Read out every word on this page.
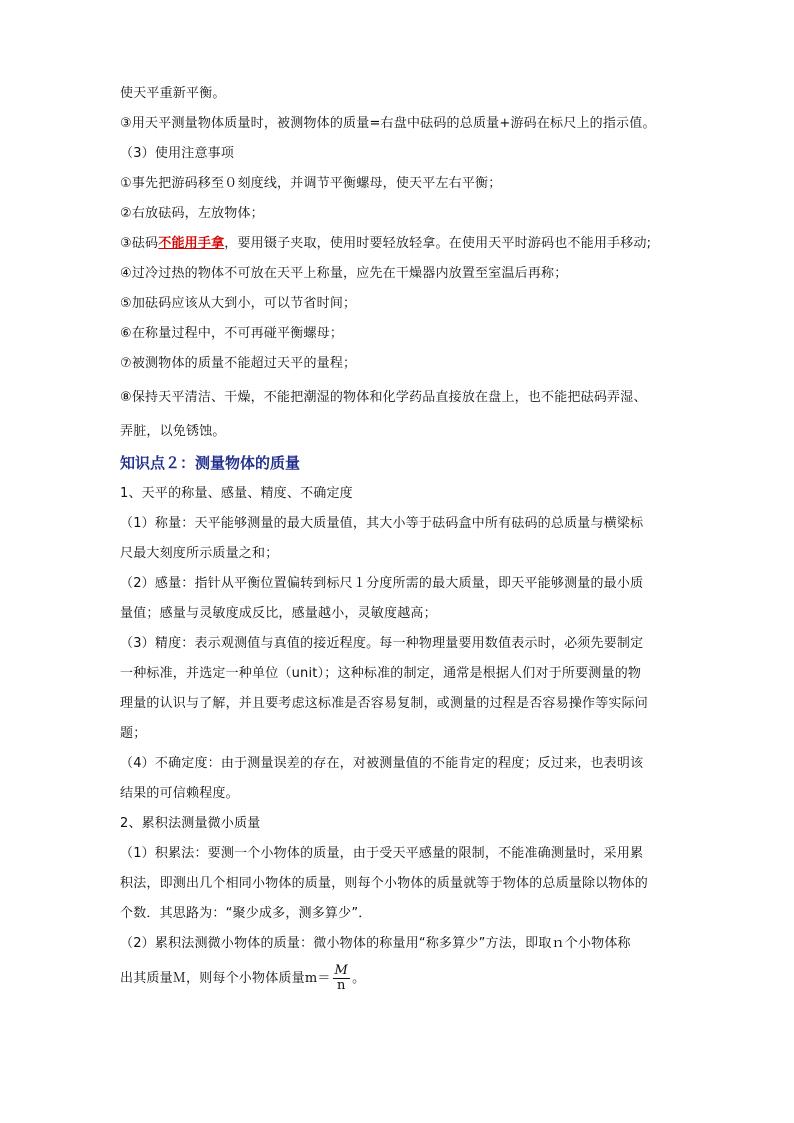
使天平重新平衡。
③用天平测量物体质量时，被测物体的质量=右盘中砝码的总质量+游码在标尺上的指示值。
（3）使用注意事项
①事先把游码移至０刻度线，并调节平衡螺母，使天平左右平衡；
②右放砝码，左放物体；
③砝码不能用手拿，要用镊子夹取，使用时要轻放轻拿。在使用天平时游码也不能用手移动;
④过冷过热的物体不可放在天平上称量，应先在干燥器内放置至室温后再称；
⑤加砝码应该从大到小，可以节省时间；
⑥在称量过程中，不可再碰平衡螺母；
⑦被测物体的质量不能超过天平的量程；
⑧保持天平清洁、干燥，不能把潮湿的物体和化学药品直接放在盘上，也不能把砝码弄湿、
弄脏，以免锈蚀。
知识点２：测量物体的质量
1、天平的称量、感量、精度、不确定度
（1）称量：天平能够测量的最大质量值，其大小等于砝码盒中所有砝码的总质量与横梁标
尺最大刻度所示质量之和；
（2）感量：指针从平衡位置偏转到标尺１分度所需的最大质量，即天平能够测量的最小质
量值；感量与灵敏度成反比，感量越小，灵敏度越高；
（3）精度：表示观测值与真值的接近程度。每一种物理量要用数值表示时，必须先要制定
一种标准，并选定一种单位（unit）；这种标准的制定，通常是根据人们对于所要测量的物
理量的认识与了解，并且要考虑这标准是否容易复制，或测量的过程是否容易操作等实际问
题；
（4）不确定度：由于测量误差的存在，对被测量值的不能肯定的程度；反过来，也表明该
结果的可信赖程度。
2、累积法测量微小质量
（1）积累法：要测一个小物体的质量，由于受天平感量的限制，不能准确测量时，采用累
积法，即测出几个相同小物体的质量，则每个小物体的质量就等于物体的总质量除以物体的
个数．其思路为：“聚少成多，测多算少”．
（2）累积法测微小物体的质量：微小物体的称量用“称多算少”方法，即取ｎ个小物体称
出其质量Ｍ，则每个小物体质量$m= \frac{M}{n}$ 。
